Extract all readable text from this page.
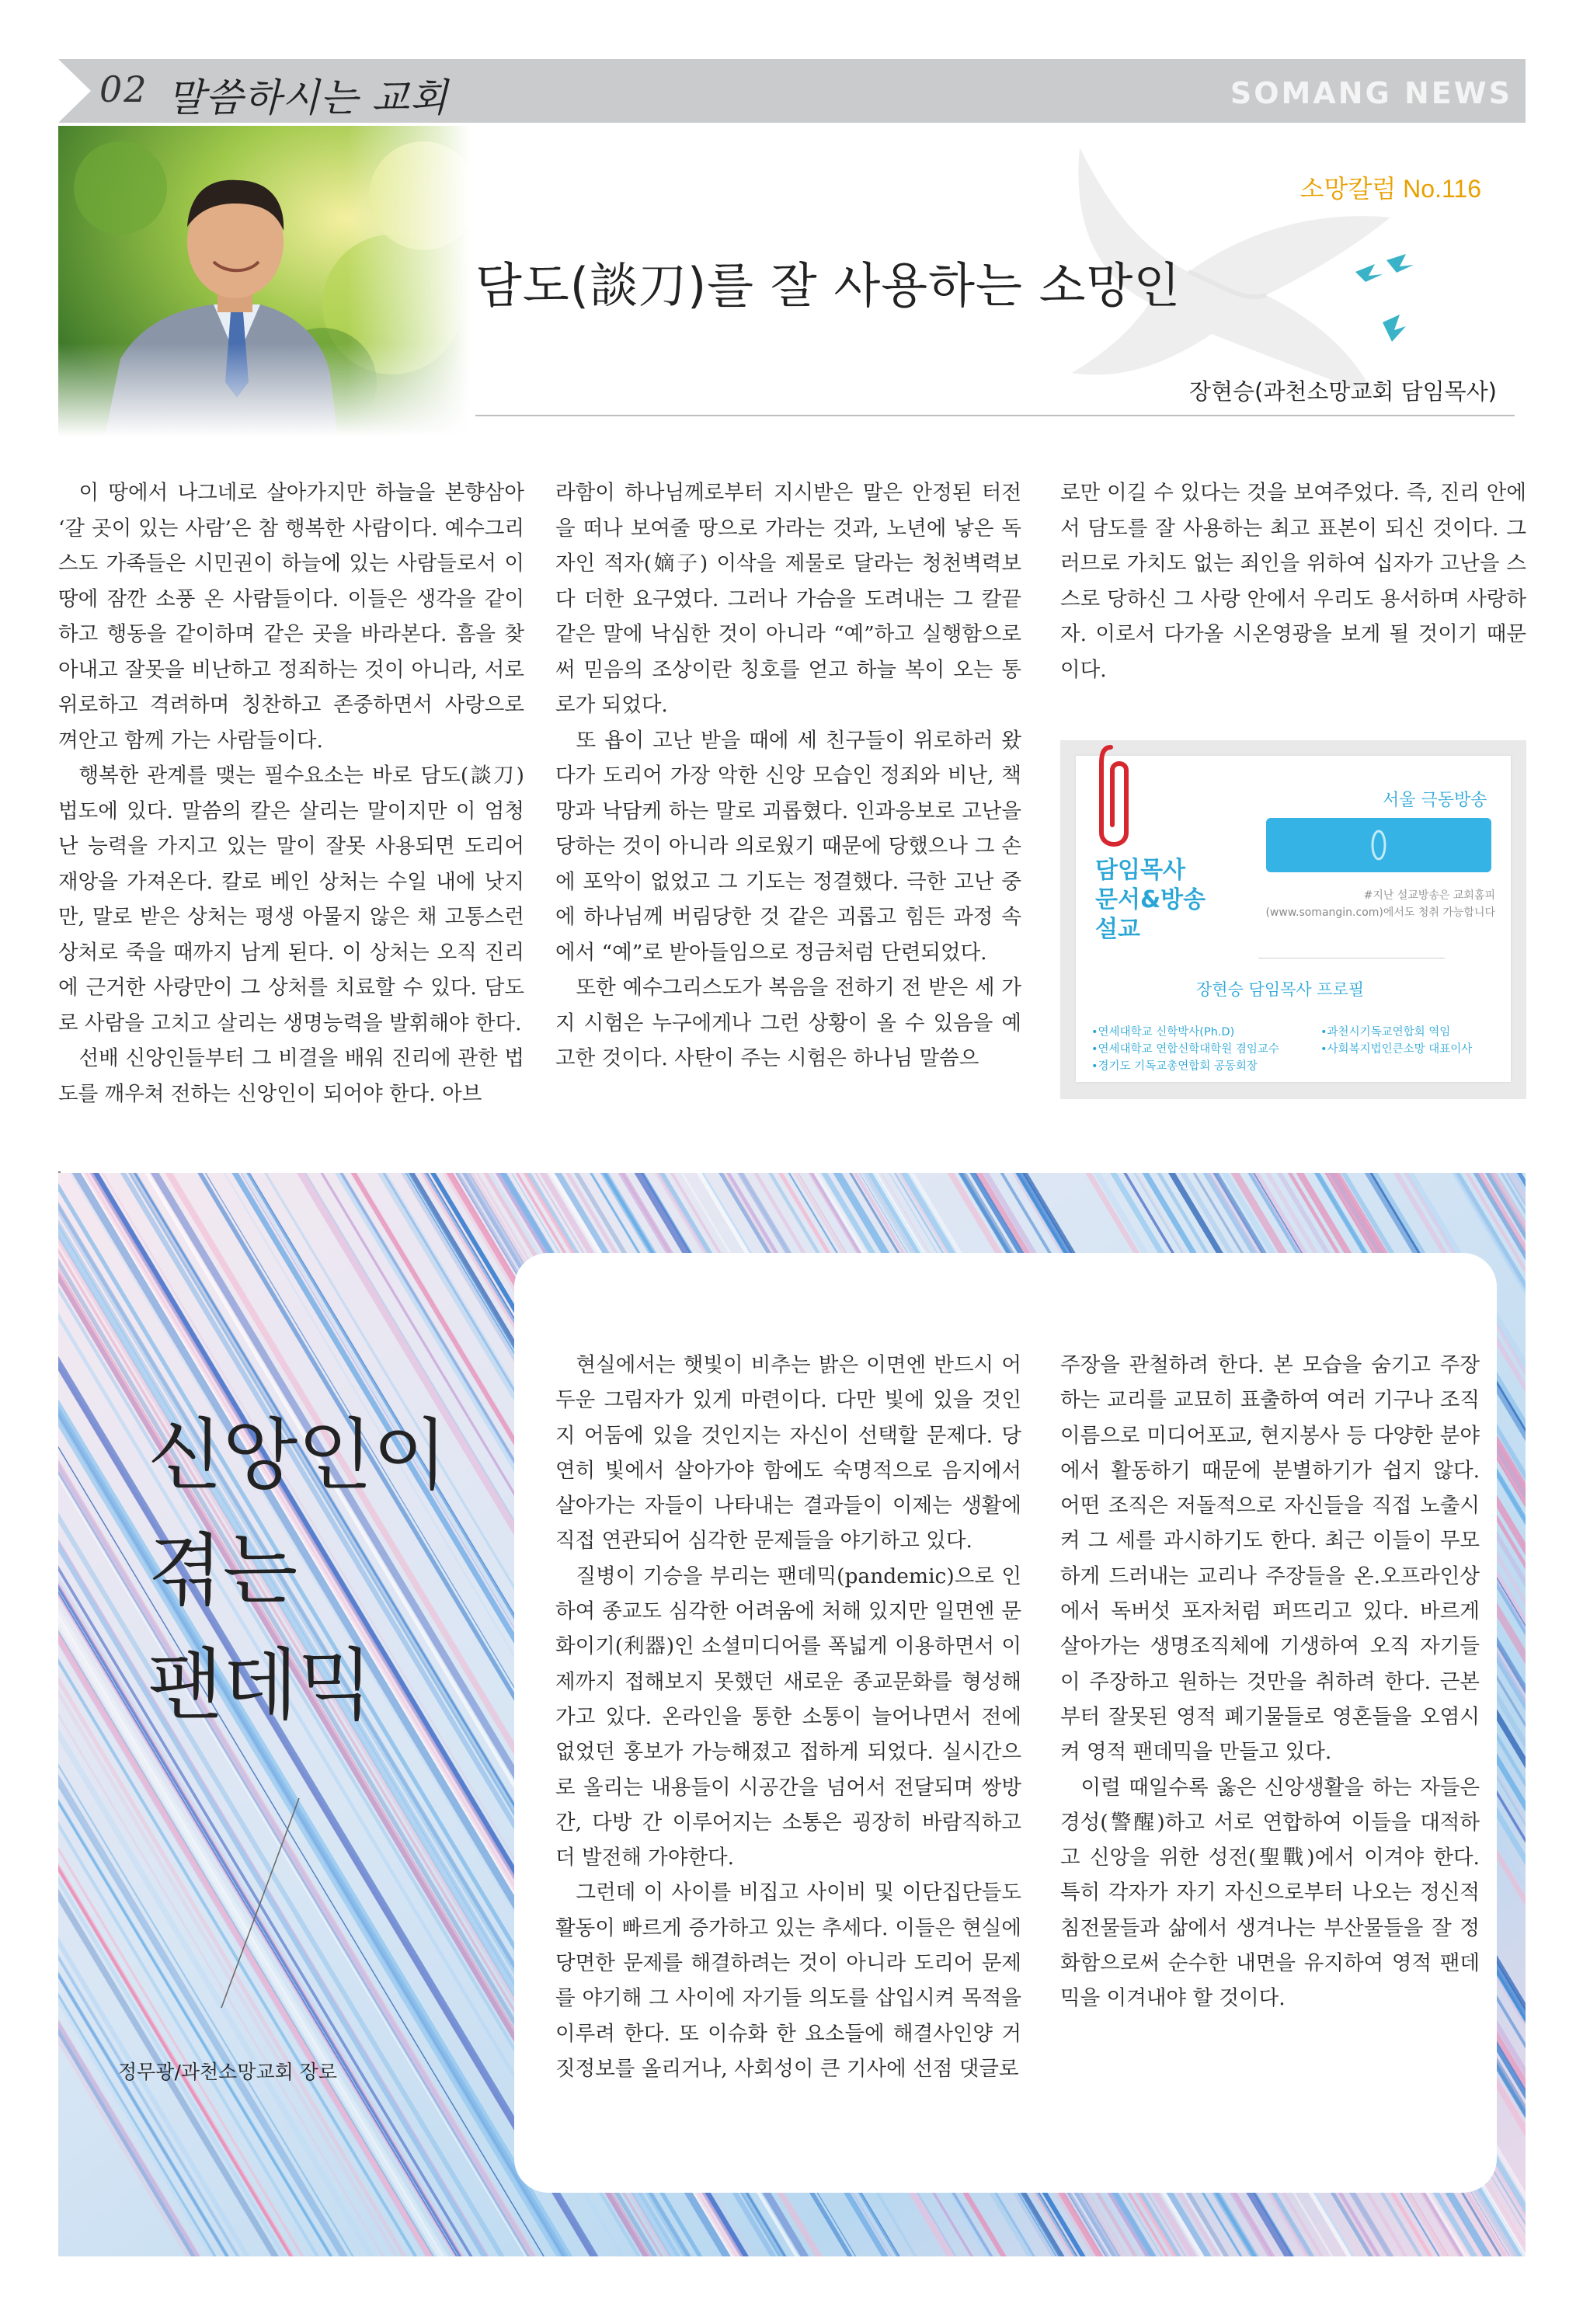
02 말씀하시는 교회	SOMANG NEWS
소망칼럼 No.116
담도(談刀)를 잘 사용하는 소망인
장현승(과천소망교회 담임목사)

이 땅에서 나그네로 살아가지만 하늘을 본향삼아 ‘갈 곳이 있는 사람’은 참 행복한 사람이다. 예수그리스도 가족들은 시민권이 하늘에 있는 사람들로서 이 땅에 잠깐 소풍 온 사람들이다. 이들은 생각을 같이하고 행동을 같이하며 같은 곳을 바라본다. 흠을 찾아내고 잘못을 비난하고 정죄하는 것이 아니라, 서로 위로하고 격려하며 칭찬하고 존중하면서 사랑으로 껴안고 함께 가는 사람들이다.

행복한 관계를 맺는 필수요소는 바로 담도(談刀)법도에 있다. 말씀의 칼은 살리는 말이지만 이 엄청난 능력을 가지고 있는 말이 잘못 사용되면 도리어 재앙을 가져온다. 칼로 베인 상처는 수일 내에 낫지만, 말로 받은 상처는 평생 아물지 않은 채 고통스런 상처로 죽을 때까지 남게 된다. 이 상처는 오직 진리에 근거한 사랑만이 그 상처를 치료할 수 있다. 담도로 사람을 고치고 살리는 생명능력을 발휘해야 한다.

선배 신앙인들부터 그 비결을 배워 진리에 관한 법도를 깨우쳐 전하는 신앙인이 되어야 한다. 아브

라함이 하나님께로부터 지시받은 말은 안정된 터전을 떠나 보여줄 땅으로 가라는 것과, 노년에 낳은 독자인 적자(嫡子) 이삭을 제물로 달라는 청천벽력보다 더한 요구였다. 그러나 가슴을 도려내는 그 칼끝 같은 말에 낙심한 것이 아니라 “예”하고 실행함으로써 믿음의 조상이란 칭호를 얻고 하늘 복이 오는 통로가 되었다.

또 욥이 고난 받을 때에 세 친구들이 위로하러 왔다가 도리어 가장 악한 신앙 모습인 정죄와 비난, 책망과 낙담케 하는 말로 괴롭혔다. 인과응보로 고난을 당하는 것이 아니라 의로웠기 때문에 당했으나 그 손에 포악이 없었고 그 기도는 정결했다. 극한 고난 중에 하나님께 버림당한 것 같은 괴롭고 힘든 과정 속에서 “예”로 받아들임으로 정금처럼 단련되었다.

또한 예수그리스도가 복음을 전하기 전 받은 세 가지 시험은 누구에게나 그런 상황이 올 수 있음을 예고한 것이다. 사탄이 주는 시험은 하나님 말씀으

로만 이길 수 있다는 것을 보여주었다. 즉, 진리 안에서 담도를 잘 사용하는 최고 표본이 되신 것이다. 그러므로 가치도 없는 죄인을 위하여 십자가 고난을 스스로 당하신 그 사랑 안에서 우리도 용서하며 사랑하자. 이로서 다가올 시온영광을 보게 될 것이기 때문이다.

서울 극동방송
담임목사
문서&방송
설교
#지난 설교방송은 교회홈피
(www.somangin.com)에서도 청취 가능합니다
장현승 담임목사 프로필
•연세대학교 신학박사(Ph.D)
•연세대학교 연합신학대학원 겸임교수
•경기도 기독교총연합회 공동회장
•과천시기독교연합회 역임
•사회복지법인큰소망 대표이사
신앙인이
겪는
팬데믹
정무광/과천소망교회 장로

현실에서는 햇빛이 비추는 밝은 이면엔 반드시 어두운 그림자가 있게 마련이다. 다만 빛에 있을 것인지 어둠에 있을 것인지는 자신이 선택할 문제다. 당연히 빛에서 살아가야 함에도 숙명적으로 음지에서 살아가는 자들이 나타내는 결과들이 이제는 생활에 직접 연관되어 심각한 문제들을 야기하고 있다.

질병이 기승을 부리는 팬데믹(pandemic)으로 인하여 종교도 심각한 어려움에 처해 있지만 일면엔 문화이기(利器)인 소셜미디어를 폭넓게 이용하면서 이제까지 접해보지 못했던 새로운 종교문화를 형성해 가고 있다. 온라인을 통한 소통이 늘어나면서 전에 없었던 홍보가 가능해졌고 접하게 되었다. 실시간으로 올리는 내용들이 시공간을 넘어서 전달되며 쌍방간, 다방 간 이루어지는 소통은 굉장히 바람직하고 더 발전해 가야한다.

그런데 이 사이를 비집고 사이비 및 이단집단들도 활동이 빠르게 증가하고 있는 추세다. 이들은 현실에 당면한 문제를 해결하려는 것이 아니라 도리어 문제를 야기해 그 사이에 자기들 의도를 삽입시켜 목적을 이루려 한다. 또 이슈화 한 요소들에 해결사인양 거짓정보를 올리거나, 사회성이 큰 기사에 선점 댓글로

주장을 관철하려 한다. 본 모습을 숨기고 주장하는 교리를 교묘히 표출하여 여러 기구나 조직이름으로 미디어포교, 현지봉사 등 다양한 분야에서 활동하기 때문에 분별하기가 쉽지 않다. 어떤 조직은 저돌적으로 자신들을 직접 노출시켜 그 세를 과시하기도 한다. 최근 이들이 무모하게 드러내는 교리나 주장들을 온.오프라인상에서 독버섯 포자처럼 퍼뜨리고 있다. 바르게 살아가는 생명조직체에 기생하여 오직 자기들이 주장하고 원하는 것만을 취하려 한다. 근본부터 잘못된 영적 폐기물들로 영혼들을 오염시켜 영적 팬데믹을 만들고 있다.

이럴 때일수록 옳은 신앙생활을 하는 자들은 경성(警醒)하고 서로 연합하여 이들을 대적하고 신앙을 위한 성전(聖戰)에서 이겨야 한다. 특히 각자가 자기 자신으로부터 나오는 정신적 침전물들과 삶에서 생겨나는 부산물들을 잘 정화함으로써 순수한 내면을 유지하여 영적 팬데믹을 이겨내야 할 것이다.
